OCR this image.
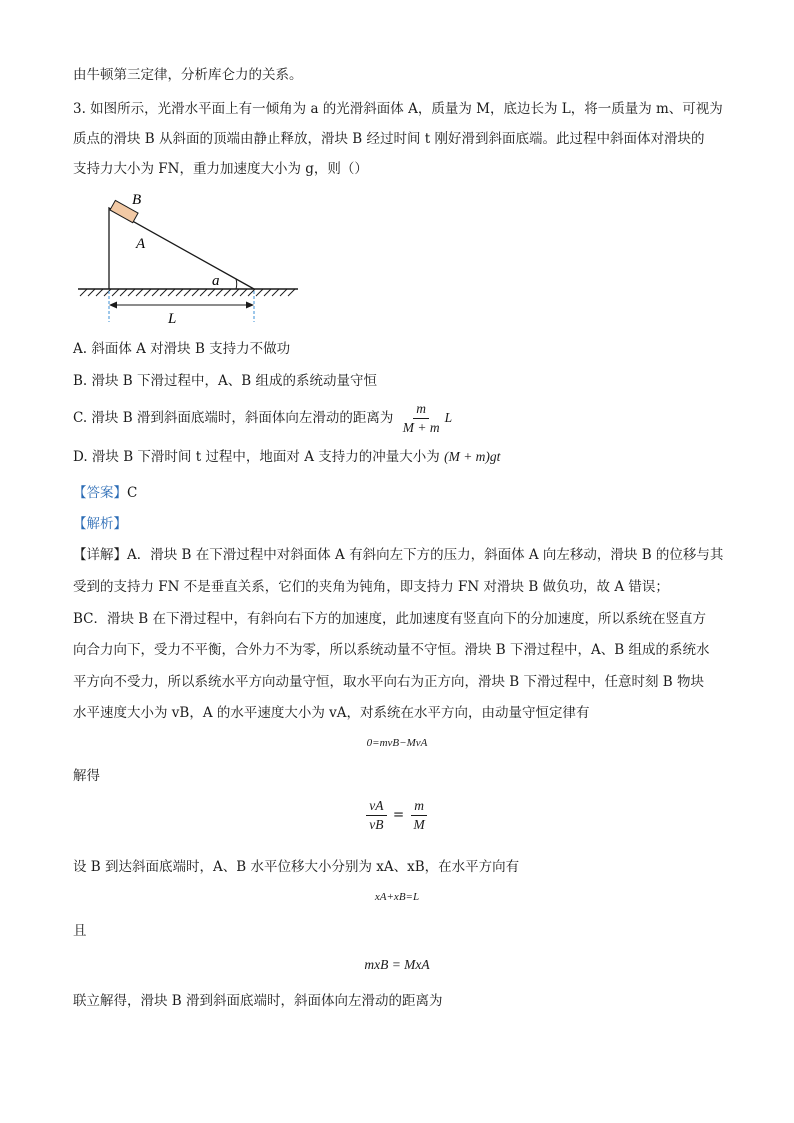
由牛顿第三定律，分析库仑力的关系。
3. 如图所示，光滑水平面上有一倾角为 a 的光滑斜面体 A，质量为 M，底边长为 L，将一质量为 m、可视为
质点的滑块 B 从斜面的顶端由静止释放，滑块 B 经过时间 t 刚好滑到斜面底端。此过程中斜面体对滑块的
支持力大小为 FN，重力加速度大小为 g，则（）
B
A
a
L
A. 斜面体 A 对滑块 B 支持力不做功
B. 滑块 B 下滑过程中，A、B 组成的系统动量守恒
C. 滑块 B 滑到斜面底端时，斜面体向左滑动的距离为 $\frac{m}{M + m}$ L
D. 滑块 B 下滑时间 t 过程中，地面对 A 支持力的冲量大小为 (M + m)gt
【答案】C
【解析】
【详解】A．滑块 B 在下滑过程中对斜面体 A 有斜向左下方的压力，斜面体 A 向左移动，滑块 B 的位移与其
受到的支持力 FN 不是垂直关系，它们的夹角为钝角，即支持力 FN 对滑块 B 做负功，故 A 错误；
BC．滑块 B 在下滑过程中，有斜向右下方的加速度，此加速度有竖直向下的分加速度，所以系统在竖直方
向合力向下，受力不平衡，合外力不为零，所以系统动量不守恒。滑块 B 下滑过程中，A、B 组成的系统水
平方向不受力，所以系统水平方向动量守恒，取水平向右为正方向，滑块 B 下滑过程中，任意时刻 B 物块
水平速度大小为 vB，A 的水平速度大小为 vA，对系统在水平方向，由动量守恒定律有
0=mvB−MvA
解得
$\frac{vA}{vB} = \frac{m}{M}$
设 B 到达斜面底端时，A、B 水平位移大小分别为 xA、xB，在水平方向有
xA+xB=L
且
mxB = MxA
联立解得，滑块 B 滑到斜面底端时，斜面体向左滑动的距离为
